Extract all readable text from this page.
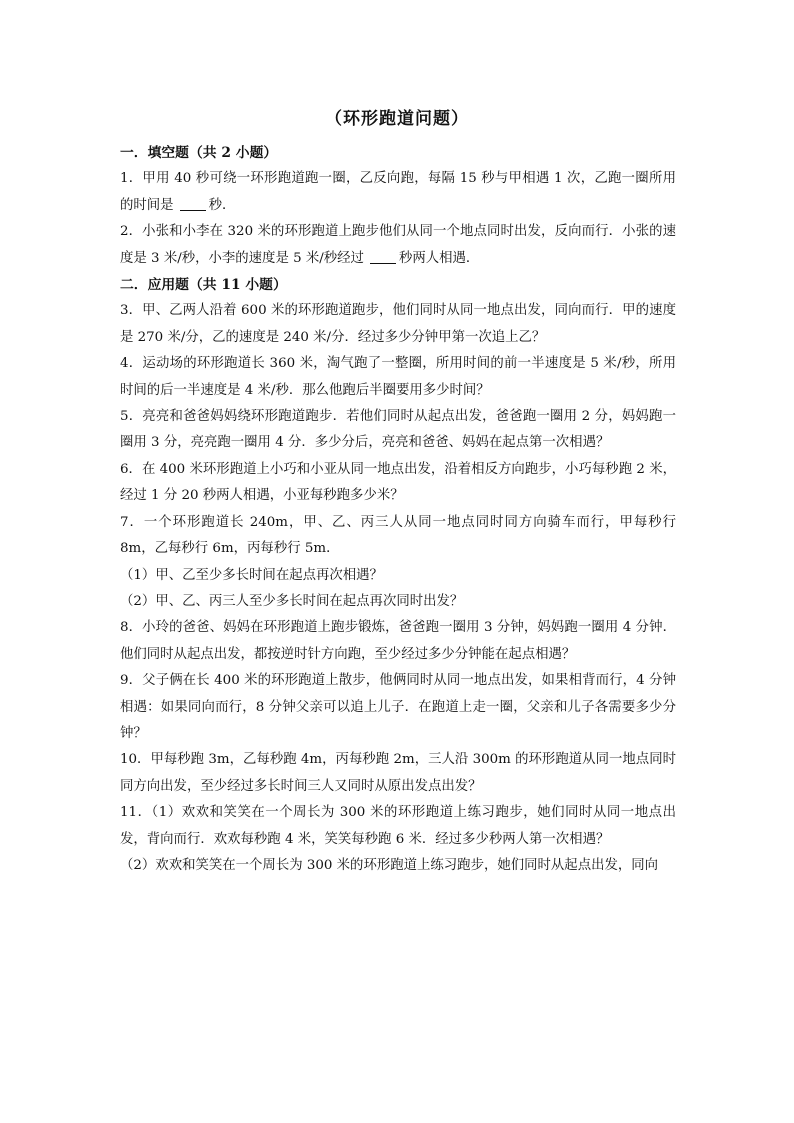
（环形跑道问题）

一．填空题（共 2 小题）

1．甲用 40 秒可绕一环形跑道跑一圈，乙反向跑，每隔 15 秒与甲相遇 1 次，乙跑一圈所用的时间是	秒．

2．小张和小李在 320 米的环形跑道上跑步他们从同一个地点同时出发，反向而行．小张的速度是 3 米/秒，小李的速度是 5 米/秒经过	秒两人相遇．

二．应用题（共 11 小题）

3．甲、乙两人沿着 600 米的环形跑道跑步，他们同时从同一地点出发，同向而行．甲的速度是 270 米/分，乙的速度是 240 米/分．经过多少分钟甲第一次追上乙？

4．运动场的环形跑道长 360 米，淘气跑了一整圈，所用时间的前一半速度是 5 米/秒，所用时间的后一半速度是 4 米/秒．那么他跑后半圈要用多少时间？

5．亮亮和爸爸妈妈绕环形跑道跑步．若他们同时从起点出发，爸爸跑一圈用 2 分，妈妈跑一圈用 3 分，亮亮跑一圈用 4 分．多少分后，亮亮和爸爸、妈妈在起点第一次相遇？

6．在 400 米环形跑道上小巧和小亚从同一地点出发，沿着相反方向跑步，小巧每秒跑 2 米，经过 1 分 20 秒两人相遇，小亚每秒跑多少米？

7．一个环形跑道长 240m，甲、乙、丙三人从同一地点同时同方向骑车而行，甲每秒行 8m，乙每秒行 6m，丙每秒行 5m．

（1）甲、乙至少多长时间在起点再次相遇？

（2）甲、乙、丙三人至少多长时间在起点再次同时出发？

8．小玲的爸爸、妈妈在环形跑道上跑步锻炼，爸爸跑一圈用 3 分钟，妈妈跑一圈用 4 分钟．他们同时从起点出发，都按逆时针方向跑，至少经过多少分钟能在起点相遇？

9．父子俩在长 400 米的环形跑道上散步，他俩同时从同一地点出发，如果相背而行，4 分钟相遇：如果同向而行，8 分钟父亲可以追上儿子．在跑道上走一圈，父亲和儿子各需要多少分钟？

10．甲每秒跑 3m，乙每秒跑 4m，丙每秒跑 2m，三人沿 300m 的环形跑道从同一地点同时同方向出发，至少经过多长时间三人又同时从原出发点出发？

11．（1）欢欢和笑笑在一个周长为 300 米的环形跑道上练习跑步，她们同时从同一地点出发，背向而行．欢欢每秒跑 4 米，笑笑每秒跑 6 米．经过多少秒两人第一次相遇？

（2）欢欢和笑笑在一个周长为 300 米的环形跑道上练习跑步，她们同时从起点出发，同向
